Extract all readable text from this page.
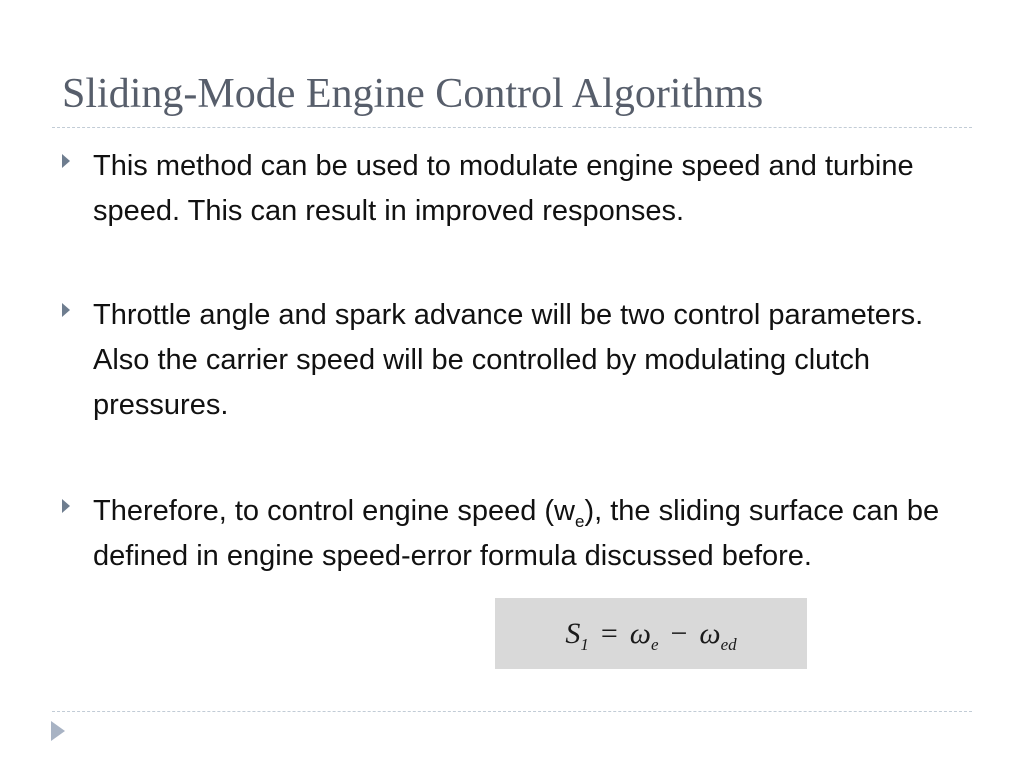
Sliding-Mode Engine Control Algorithms
This method can be used to modulate engine speed and turbine speed. This can result in improved responses.
Throttle angle and spark advance will be two control parameters. Also the carrier speed will be controlled by modulating clutch pressures.
Therefore, to control engine speed $(w_e)$, the sliding surface can be defined in engine speed-error formula discussed before.
$S_1 = \omega_e - \omega_{ed}$
